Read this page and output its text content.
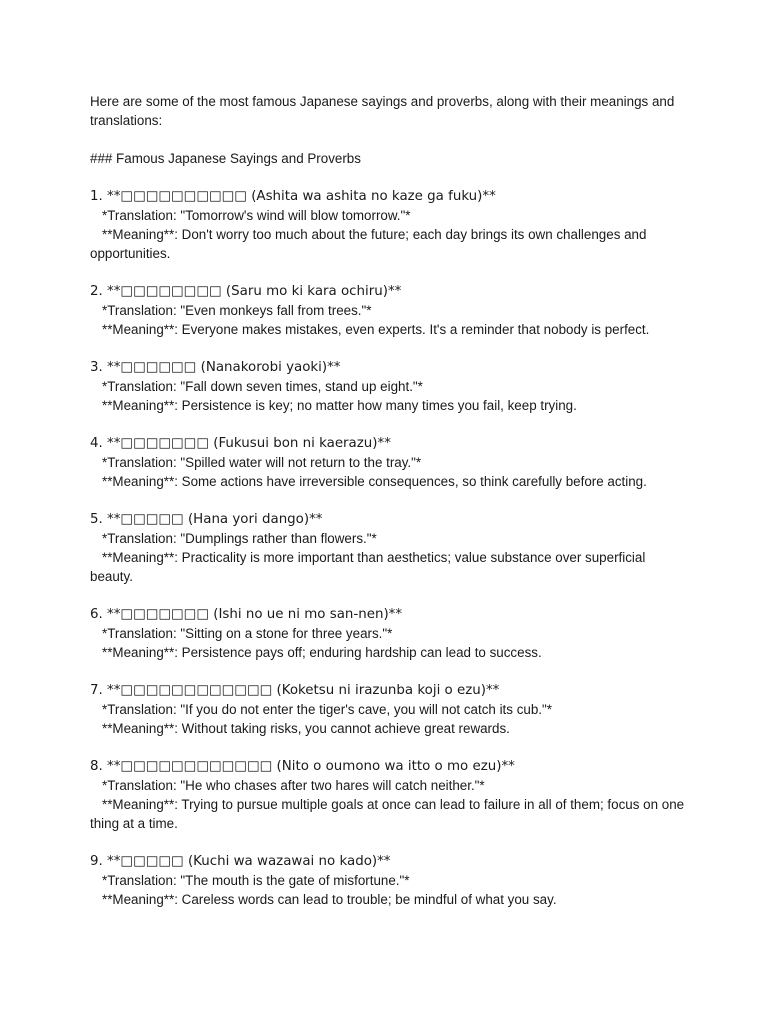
Here are some of the most famous Japanese sayings and proverbs, along with their meanings and translations:
### Famous Japanese Sayings and Proverbs
1. **□□□□□□□□□□ (Ashita wa ashita no kaze ga fuku)**
*Translation: "Tomorrow's wind will blow tomorrow."*
**Meaning**: Don't worry too much about the future; each day brings its own challenges and opportunities.
2. **□□□□□□□□ (Saru mo ki kara ochiru)**
*Translation: "Even monkeys fall from trees."*
**Meaning**: Everyone makes mistakes, even experts. It's a reminder that nobody is perfect.
3. **□□□□□□ (Nanakorobi yaoki)**
*Translation: "Fall down seven times, stand up eight."*
**Meaning**: Persistence is key; no matter how many times you fail, keep trying.
4. **□□□□□□□ (Fukusui bon ni kaerazu)**
*Translation: "Spilled water will not return to the tray."*
**Meaning**: Some actions have irreversible consequences, so think carefully before acting.
5. **□□□□□ (Hana yori dango)**
*Translation: "Dumplings rather than flowers."*
**Meaning**: Practicality is more important than aesthetics; value substance over superficial beauty.
6. **□□□□□□□ (Ishi no ue ni mo san-nen)**
*Translation: "Sitting on a stone for three years."*
**Meaning**: Persistence pays off; enduring hardship can lead to success.
7. **□□□□□□□□□□□□ (Koketsu ni irazunba koji o ezu)**
*Translation: "If you do not enter the tiger's cave, you will not catch its cub."*
**Meaning**: Without taking risks, you cannot achieve great rewards.
8. **□□□□□□□□□□□□ (Nito o oumono wa itto o mo ezu)**
*Translation: "He who chases after two hares will catch neither."*
**Meaning**: Trying to pursue multiple goals at once can lead to failure in all of them; focus on one thing at a time.
9. **□□□□□ (Kuchi wa wazawai no kado)**
*Translation: "The mouth is the gate of misfortune."*
**Meaning**: Careless words can lead to trouble; be mindful of what you say.
